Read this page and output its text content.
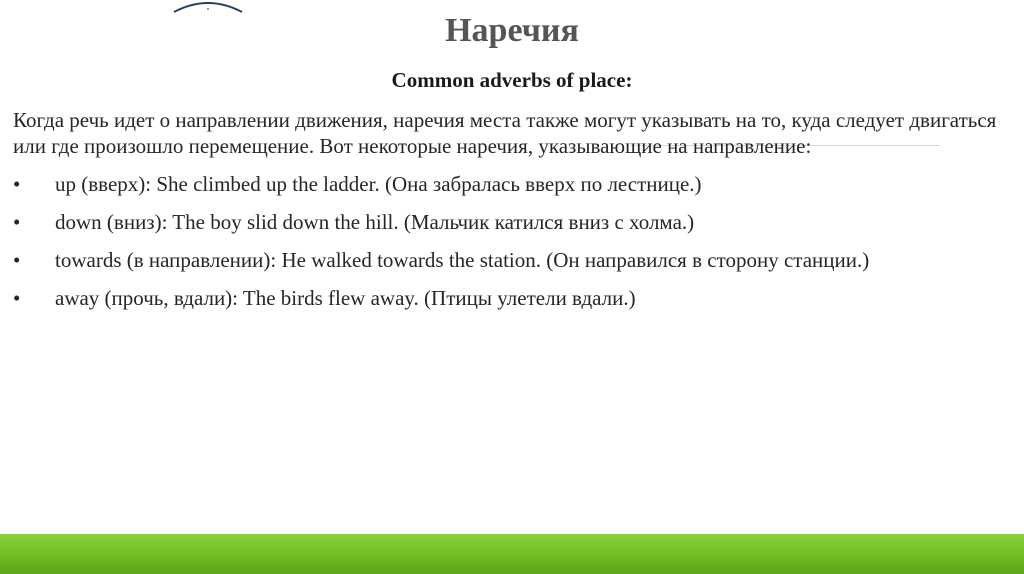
Наречия
Common adverbs of place:

Когда речь идет о направлении движения, наречия места также могут указывать на то, куда следует двигаться или где произошло перемещение. Вот некоторые наречия, указывающие на направление:

• up (вверх): She climbed up the ladder. (Она забралась вверх по лестнице.)
• down (вниз): The boy slid down the hill. (Мальчик катился вниз с холма.)
• towards (в направлении): He walked towards the station. (Он направился в сторону станции.)
• away (прочь, вдали): The birds flew away. (Птицы улетели вдали.)
